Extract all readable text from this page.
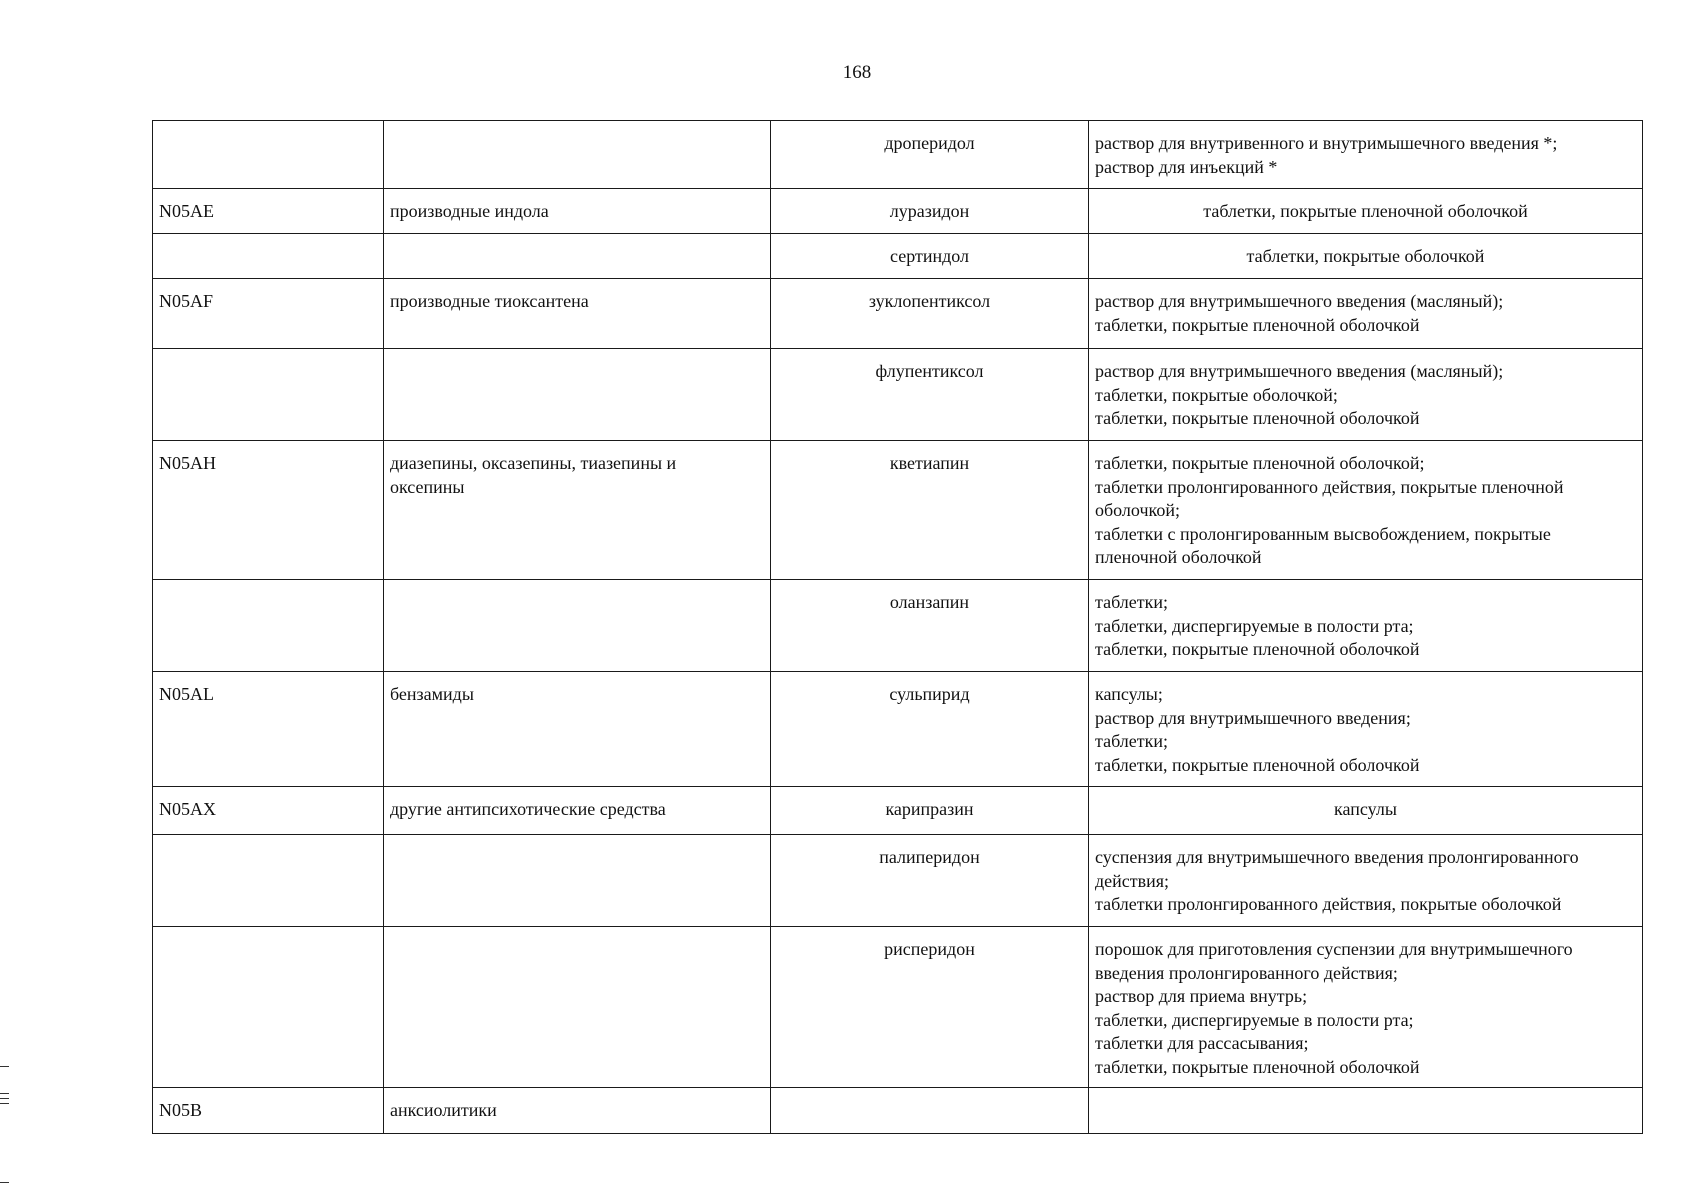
168
		дроперидол	раствор для внутривенного и внутримышечного введения *;
раствор для инъекций *

N05AE	производные индола	луразидон	таблетки, покрытые пленочной оболочкой

		сертиндол	таблетки, покрытые оболочкой

N05AF	производные тиоксантена	зуклопентиксол	раствор для внутримышечного введения (масляный);
таблетки, покрытые пленочной оболочкой

		флупентиксол	раствор для внутримышечного введения (масляный);
таблетки, покрытые оболочкой;
таблетки, покрытые пленочной оболочкой

N05AH	диазепины, оксазепины, тиазепины и оксепины	кветиапин	таблетки, покрытые пленочной оболочкой;
таблетки пролонгированного действия, покрытые пленочной оболочкой;
таблетки с пролонгированным высвобождением, покрытые пленочной оболочкой

		оланзапин	таблетки;
таблетки, диспергируемые в полости рта;
таблетки, покрытые пленочной оболочкой

N05AL	бензамиды	сульпирид	капсулы;
раствор для внутримышечного введения;
таблетки;
таблетки, покрытые пленочной оболочкой

N05AX	другие антипсихотические средства	карипразин	капсулы

		палиперидон	суспензия для внутримышечного введения пролонгированного действия;
таблетки пролонгированного действия, покрытые оболочкой

		рисперидон	порошок для приготовления суспензии для внутримышечного введения пролонгированного действия;
раствор для приема внутрь;
таблетки, диспергируемые в полости рта;
таблетки для рассасывания;
таблетки, покрытые пленочной оболочкой

N05B	анксиолитики		
